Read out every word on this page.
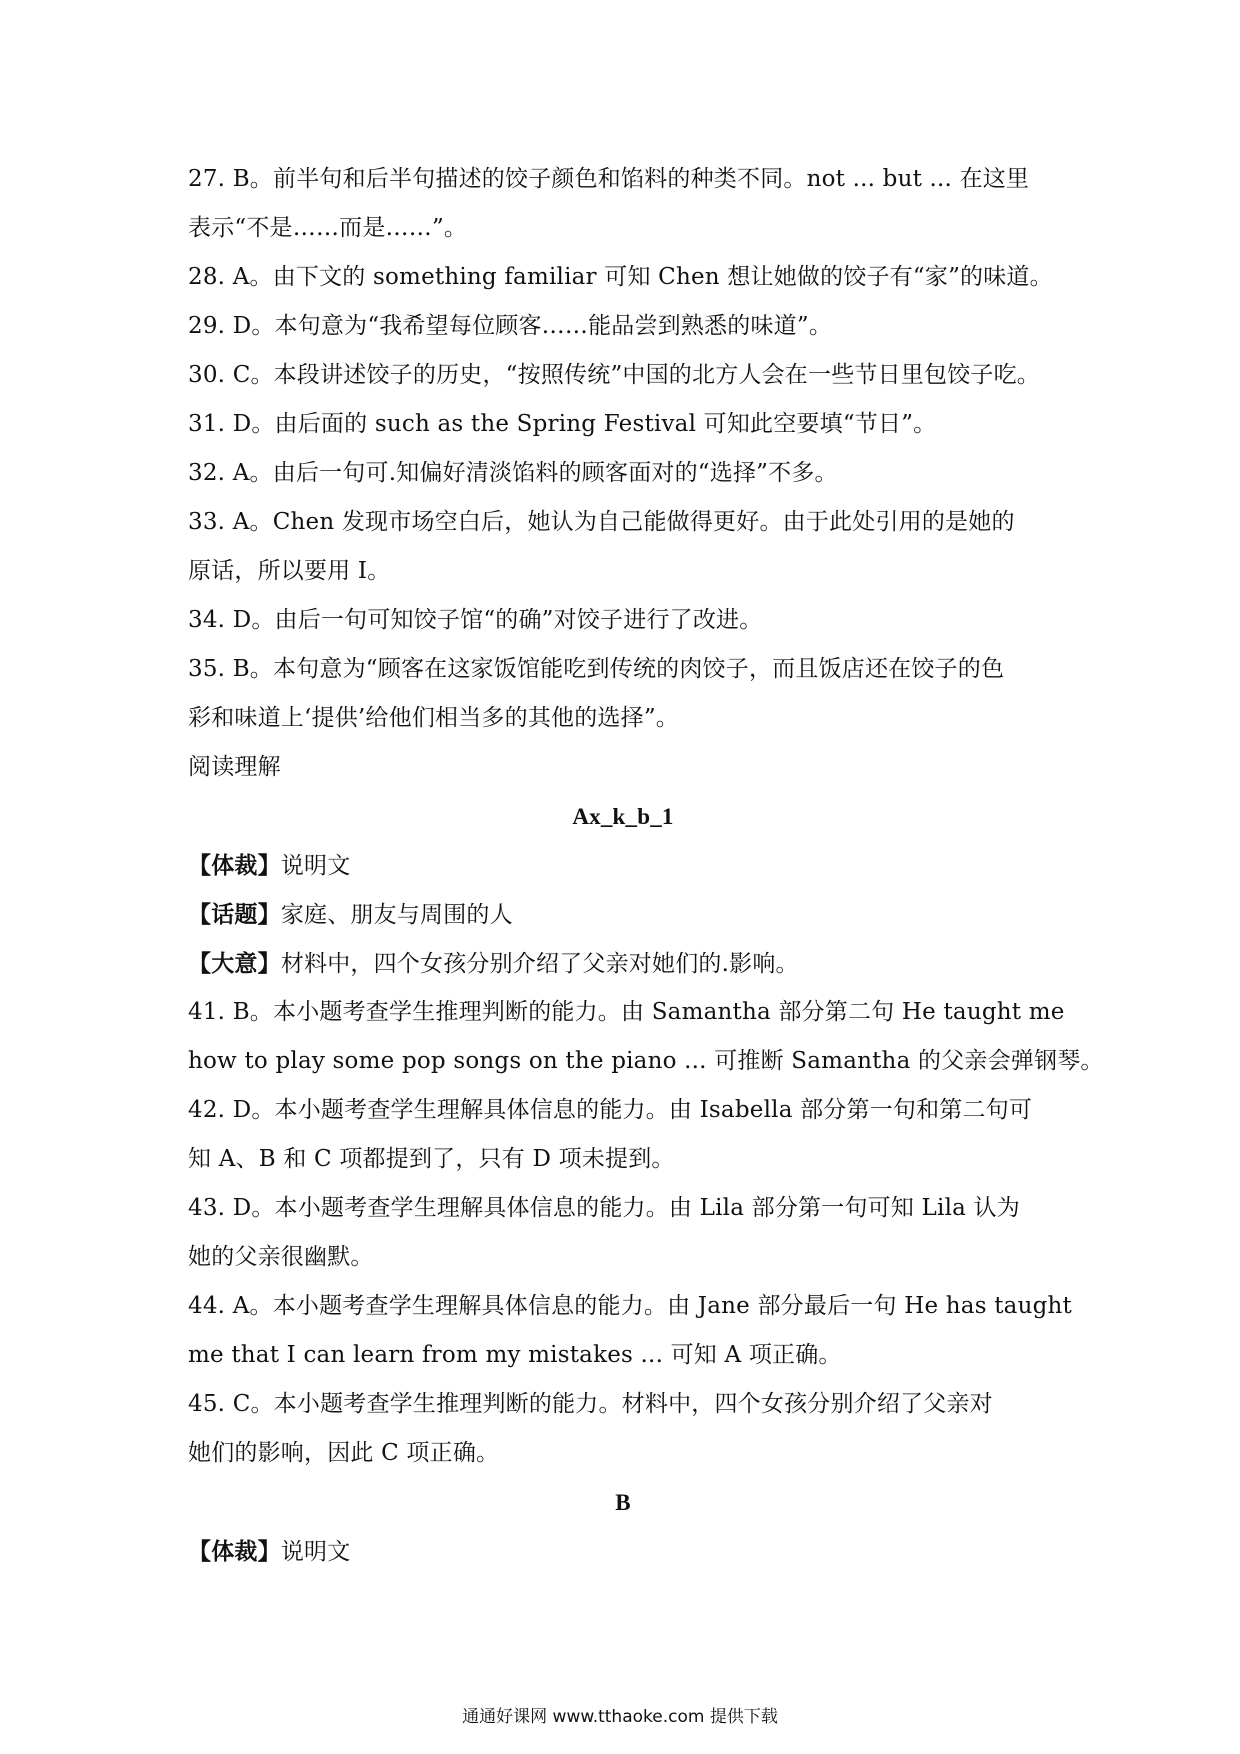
27. B。前半句和后半句描述的饺子颜色和馅料的种类不同。not ... but ... 在这里
表示“不是……而是……”。
28. A。由下文的 something familiar 可知 Chen 想让她做的饺子有“家”的味道。
29. D。本句意为“我希望每位顾客……能品尝到熟悉的味道”。
30. C。本段讲述饺子的历史，“按照传统”中国的北方人会在一些节日里包饺子吃。
31. D。由后面的 such as the Spring Festival 可知此空要填“节日”。
32. A。由后一句可.知偏好清淡馅料的顾客面对的“选择”不多。
33. A。Chen 发现市场空白后，她认为自己能做得更好。由于此处引用的是她的
原话，所以要用 I。
34. D。由后一句可知饺子馆“的确”对饺子进行了改进。
35. B。本句意为“顾客在这家饭馆能吃到传统的肉饺子，而且饭店还在饺子的色
彩和味道上‘提供’给他们相当多的其他的选择”。
阅读理解
Ax_k_b_1
【体裁】说明文
【话题】家庭、朋友与周围的人
【大意】材料中，四个女孩分别介绍了父亲对她们的.影响。
41. B。本小题考查学生推理判断的能力。由 Samantha 部分第二句 He taught me
how to play some pop songs on the piano ... 可推断 Samantha 的父亲会弹钢琴。
42. D。本小题考查学生理解具体信息的能力。由 Isabella 部分第一句和第二句可
知 A、B 和 C 项都提到了，只有 D 项未提到。
43. D。本小题考查学生理解具体信息的能力。由 Lila 部分第一句可知 Lila 认为
她的父亲很幽默。
44. A。本小题考查学生理解具体信息的能力。由 Jane 部分最后一句 He has taught
me that I can learn from my mistakes ... 可知 A 项正确。
45. C。本小题考查学生推理判断的能力。材料中，四个女孩分别介绍了父亲对
她们的影响，因此 C 项正确。
B
【体裁】说明文
通通好课网 www.tthaoke.com 提供下载
